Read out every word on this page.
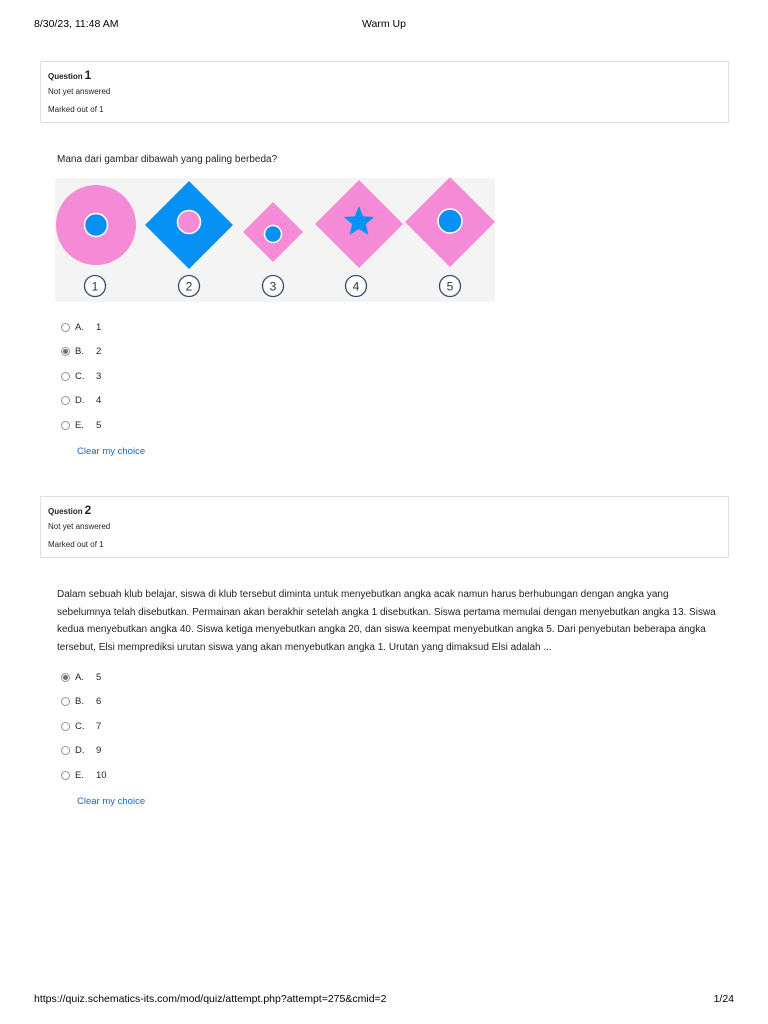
8/30/23, 11:48 AM	Warm Up
Question 1
Not yet answered
Marked out of 1
Mana dari gambar dibawah yang paling berbeda?
1	2	3	4	5
A.	1
B.	2
C.	3
D.	4
E.	5
Clear my choice
Question 2
Not yet answered
Marked out of 1
Dalam sebuah klub belajar, siswa di klub tersebut diminta untuk menyebutkan angka acak namun harus berhubungan dengan angka yang sebelumnya telah disebutkan. Permainan akan berakhir setelah angka 1 disebutkan. Siswa pertama memulai dengan menyebutkan angka 13. Siswa kedua menyebutkan angka 40. Siswa ketiga menyebutkan angka 20, dan siswa keempat menyebutkan angka 5. Dari penyebutan beberapa angka tersebut, Elsi memprediksi urutan siswa yang akan menyebutkan angka 1. Urutan yang dimaksud Elsi adalah ...
A.	5
B.	6
C.	7
D.	9
E.	10
Clear my choice
https://quiz.schematics-its.com/mod/quiz/attempt.php?attempt=275&cmid=2	1/24
